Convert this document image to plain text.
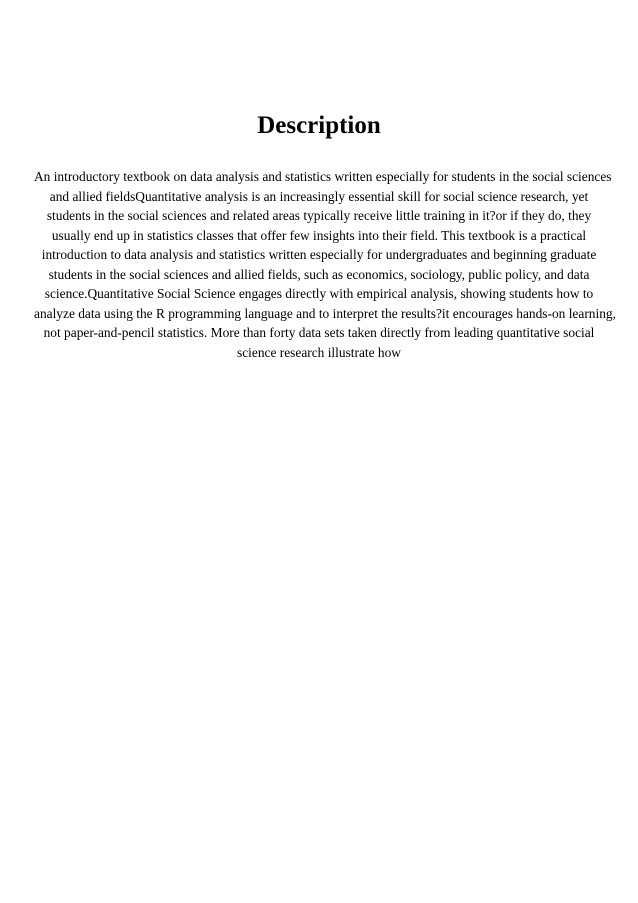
Description

An introductory textbook on data analysis and statistics written especially for students in the social sciences
and allied fieldsQuantitative analysis is an increasingly essential skill for social science research, yet
students in the social sciences and related areas typically receive little training in it?or if they do, they
usually end up in statistics classes that offer few insights into their field. This textbook is a practical
introduction to data analysis and statistics written especially for undergraduates and beginning graduate
students in the social sciences and allied fields, such as economics, sociology, public policy, and data
science.Quantitative Social Science engages directly with empirical analysis, showing students how to
analyze data using the R programming language and to interpret the results?it encourages hands-on learning,
not paper-and-pencil statistics. More than forty data sets taken directly from leading quantitative social
science research illustrate how
